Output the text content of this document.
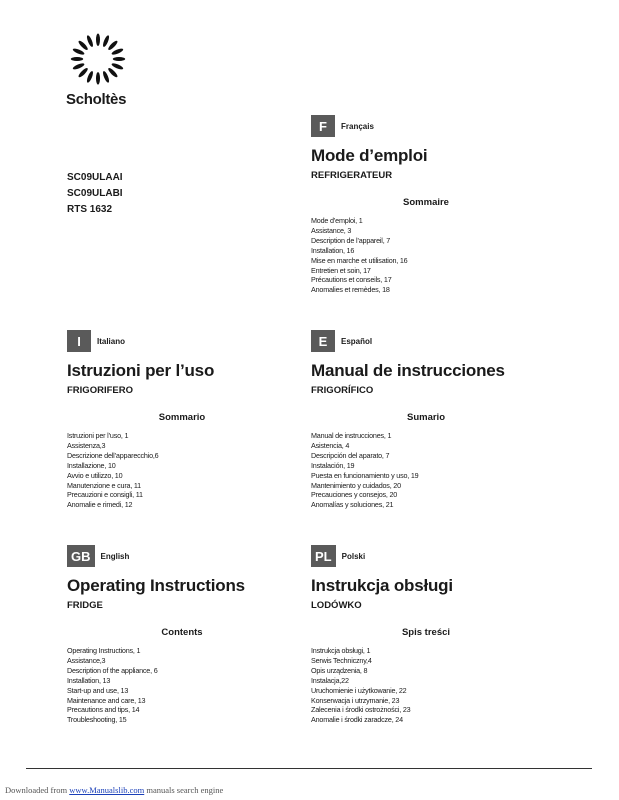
Scholtès
SC09ULAAI
SC09ULABI
RTS 1632
F	Français
Mode d’emploi
REFRIGERATEUR
Sommaire
Mode d’emploi, 1
Assistance, 3
Description de l’appareil, 7
Installation, 16
Mise en marche et utilisation, 16
Entretien et soin, 17
Précautions et conseils, 17
Anomalies et remèdes, 18
I	Italiano
Istruzioni per l’uso
FRIGORIFERO
Sommario
Istruzioni per l’uso, 1
Assistenza,3
Descrizione dell’apparecchio,6
Installazione, 10
Avvio e utilizzo, 10
Manutenzione e cura, 11
Precauzioni e consigli, 11
Anomalie e rimedi, 12
E	Español
Manual de instrucciones
FRIGORÍFICO
Sumario
Manual de instrucciones, 1
Asistencia, 4
Descripción del aparato, 7
Instalación, 19
Puesta en funcionamiento y uso, 19
Mantenimiento y cuidados, 20
Precauciones y consejos, 20
Anomalías y soluciones, 21
GB	English
Operating Instructions
FRIDGE
Contents
Operating Instructions, 1
Assistance,3
Description of the appliance, 6
Installation, 13
Start-up and use, 13
Maintenance and care, 13
Precautions and tips, 14
Troubleshooting, 15
PL	Polski
Instrukcja obsługi
LODÓWKO
Spis treści
Instrukcja obsługi, 1
Serwis Techniczny,4
Opis urządzenia, 8
Instalacja,22
Uruchomienie i użytkowanie, 22
Konserwacja i utrzymanie, 23
Zalecenia i środki ostrożności, 23
Anomalie i środki zaradcze, 24
Downloaded from www.Manualslib.com manuals search engine
